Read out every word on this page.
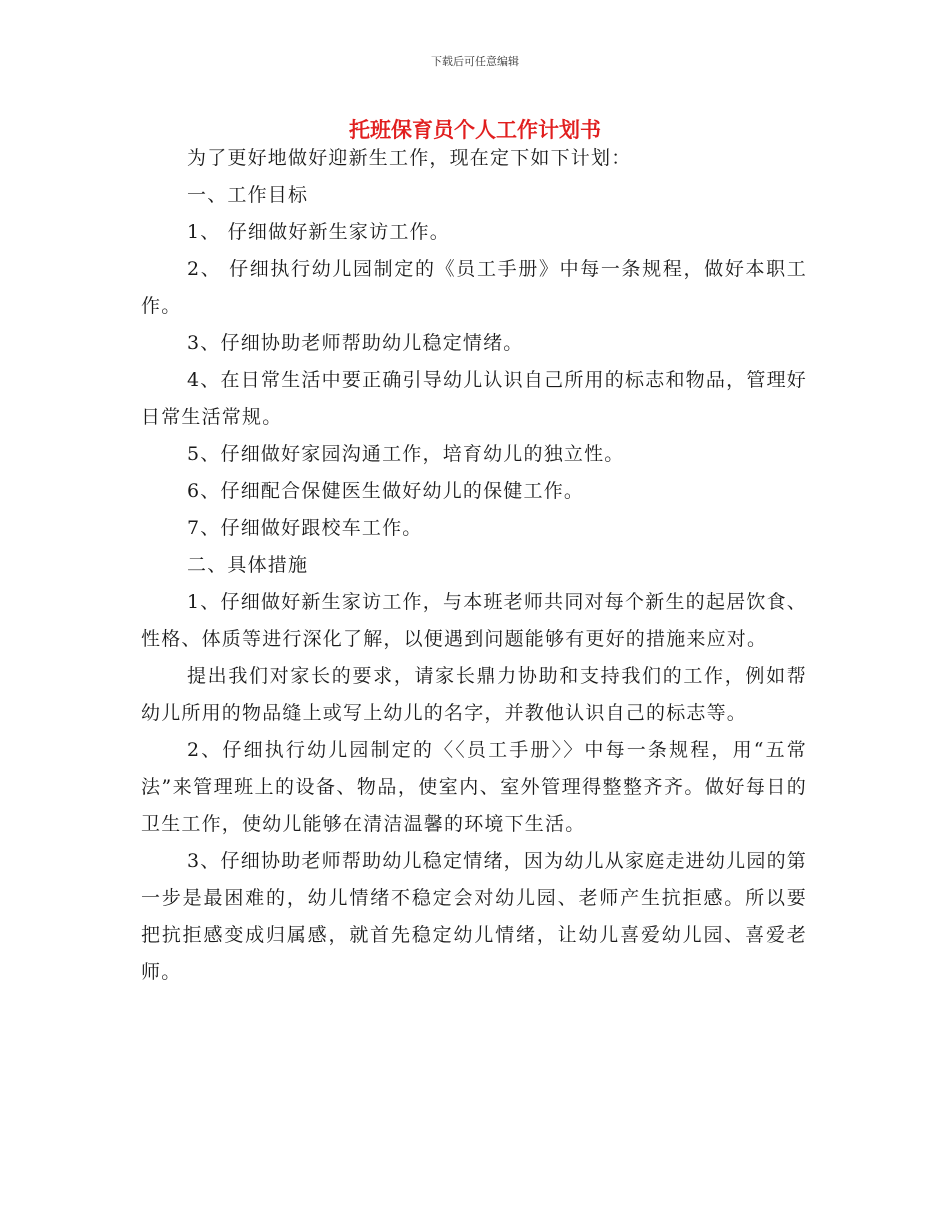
下载后可任意编辑
托班保育员个人工作计划书

为了更好地做好迎新生工作，现在定下如下计划：

一、工作目标

1、 仔细做好新生家访工作。

2、 仔细执行幼儿园制定的《员工手册》中每一条规程，做好本职工作。

3、仔细协助老师帮助幼儿稳定情绪。

4、在日常生活中要正确引导幼儿认识自己所用的标志和物品，管理好日常生活常规。

5、仔细做好家园沟通工作，培育幼儿的独立性。

6、仔细配合保健医生做好幼儿的保健工作。

7、仔细做好跟校车工作。

二、具体措施

1、仔细做好新生家访工作，与本班老师共同对每个新生的起居饮食、性格、体质等进行深化了解，以便遇到问题能够有更好的措施来应对。

提出我们对家长的要求，请家长鼎力协助和支持我们的工作，例如帮幼儿所用的物品缝上或写上幼儿的名字，并教他认识自己的标志等。

2、仔细执行幼儿园制定的〈〈员工手册〉〉中每一条规程，用“五常法”来管理班上的设备、物品，使室内、室外管理得整整齐齐。做好每日的卫生工作，使幼儿能够在清洁温馨的环境下生活。

3、仔细协助老师帮助幼儿稳定情绪，因为幼儿从家庭走进幼儿园的第一步是最困难的，幼儿情绪不稳定会对幼儿园、老师产生抗拒感。所以要把抗拒感变成归属感，就首先稳定幼儿情绪，让幼儿喜爱幼儿园、喜爱老师。
